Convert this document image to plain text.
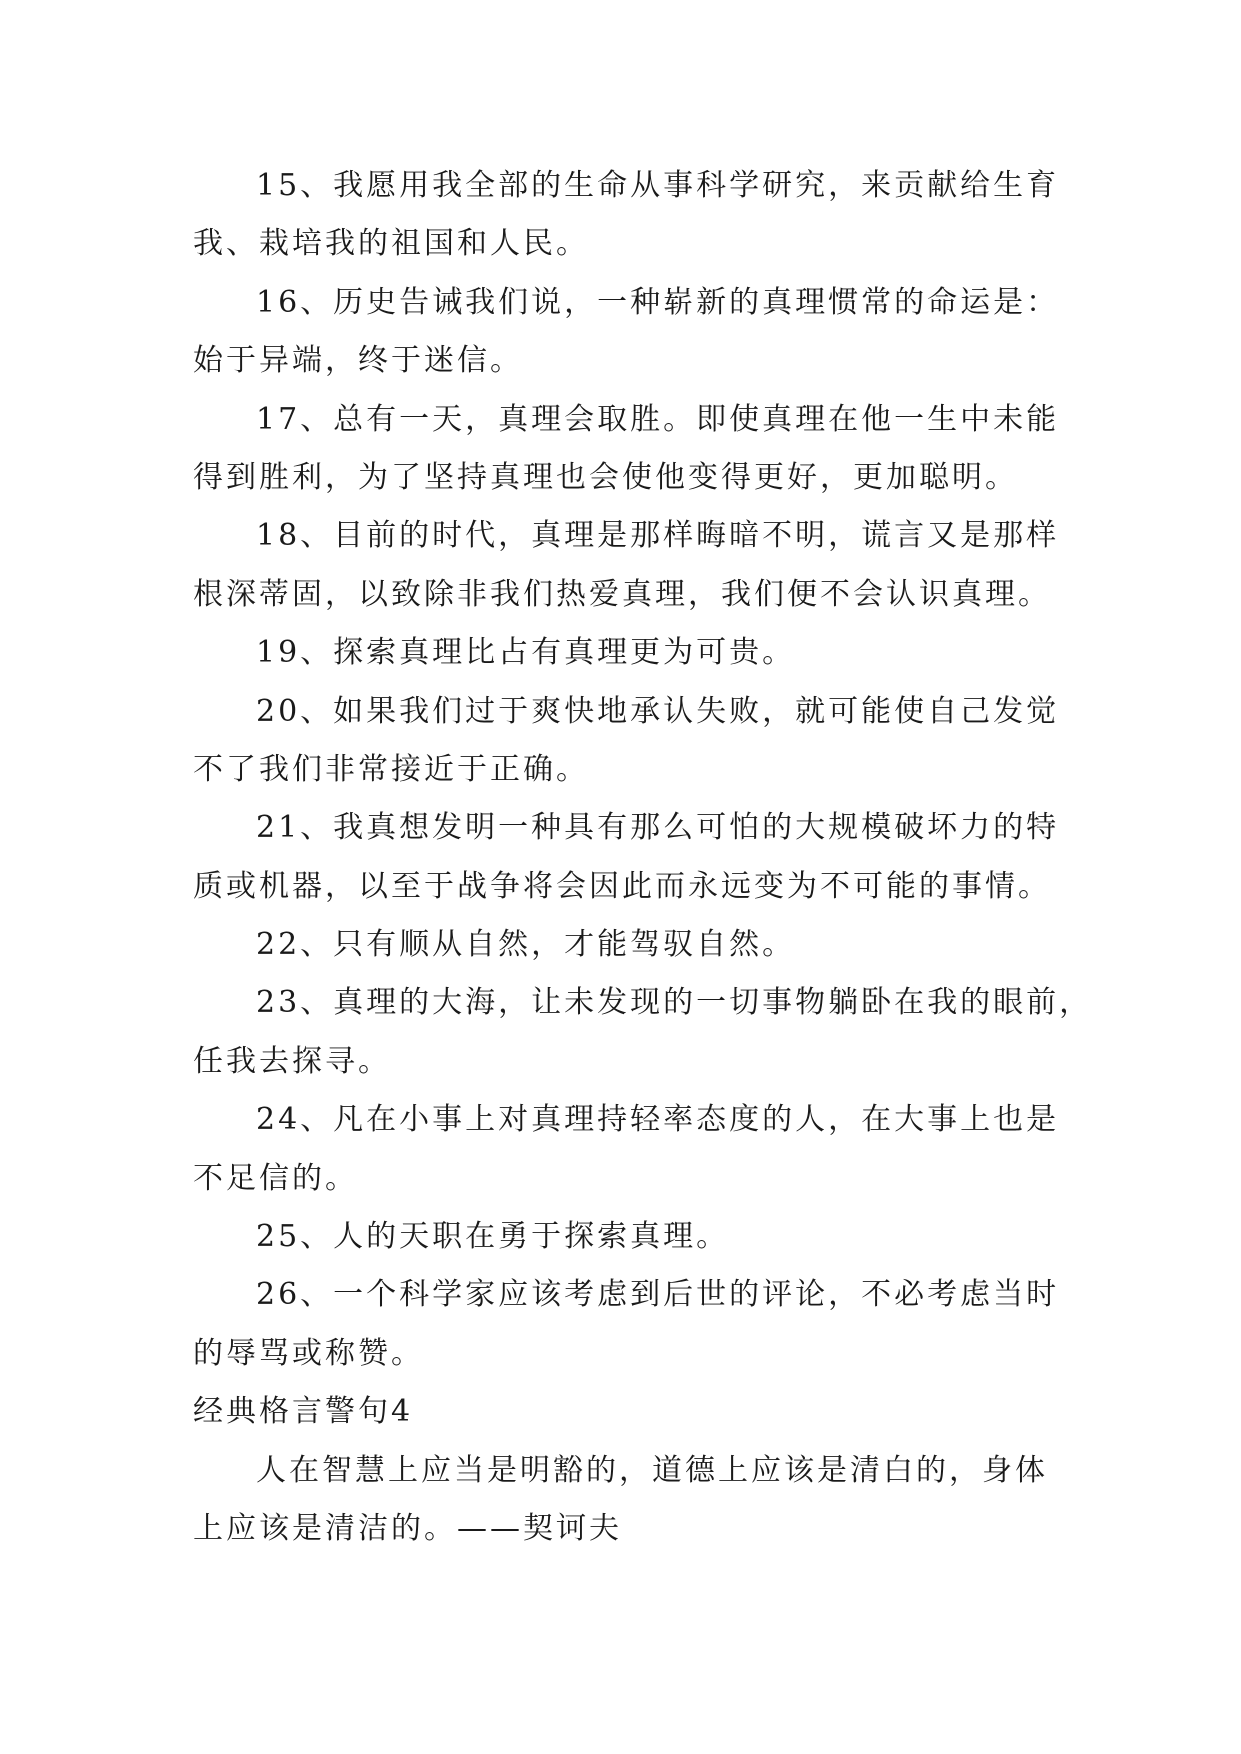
15、我愿用我全部的生命从事科学研究，来贡献给生育
我、栽培我的祖国和人民。
16、历史告诫我们说，一种崭新的真理惯常的命运是：
始于异端，终于迷信。
17、总有一天，真理会取胜。即使真理在他一生中未能
得到胜利，为了坚持真理也会使他变得更好，更加聪明。
18、目前的时代，真理是那样晦暗不明，谎言又是那样
根深蒂固，以致除非我们热爱真理，我们便不会认识真理。
19、探索真理比占有真理更为可贵。
20、如果我们过于爽快地承认失败，就可能使自己发觉
不了我们非常接近于正确。
21、我真想发明一种具有那么可怕的大规模破坏力的特
质或机器，以至于战争将会因此而永远变为不可能的事情。
22、只有顺从自然，才能驾驭自然。
23、真理的大海，让未发现的一切事物躺卧在我的眼前，
任我去探寻。
24、凡在小事上对真理持轻率态度的人，在大事上也是
不足信的。
25、人的天职在勇于探索真理。
26、一个科学家应该考虑到后世的评论，不必考虑当时
的辱骂或称赞。
经典格言警句4
人在智慧上应当是明豁的，道德上应该是清白的，身体
上应该是清洁的。——契诃夫
